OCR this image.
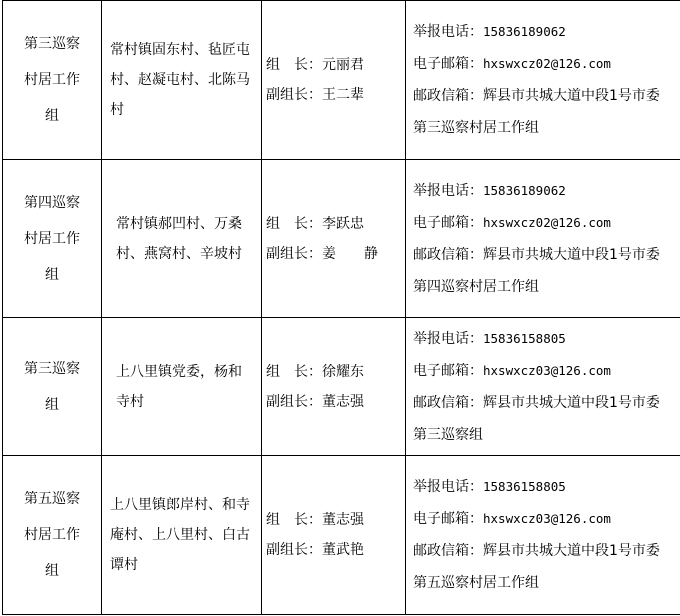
第三巡察村居工作组	常村镇固东村、毡匠屯村、赵凝屯村、北陈马村	组　长：元丽君
副组长：王二辈	举报电话：15836189062
电子邮箱：hxswxcz02@126.com
邮政信箱：辉县市共城大道中段1号市委
第三巡察村居工作组

第四巡察村居工作组	常村镇郝凹村、万桑村、燕窝村、辛坡村	组　长：李跃忠
副组长：姜　　静	举报电话：15836189062
电子邮箱：hxswxcz02@126.com
邮政信箱：辉县市共城大道中段1号市委
第四巡察村居工作组

第三巡察组	上八里镇党委，杨和寺村	组　长：徐耀东
副组长：董志强	举报电话：15836158805
电子邮箱：hxswxcz03@126.com
邮政信箱：辉县市共城大道中段1号市委
第三巡察组

第五巡察村居工作组	上八里镇郎岸村、和寺庵村、上八里村、白古谭村	组　长：董志强
副组长：董武艳	举报电话：15836158805
电子邮箱：hxswxcz03@126.com
邮政信箱：辉县市共城大道中段1号市委
第五巡察村居工作组
